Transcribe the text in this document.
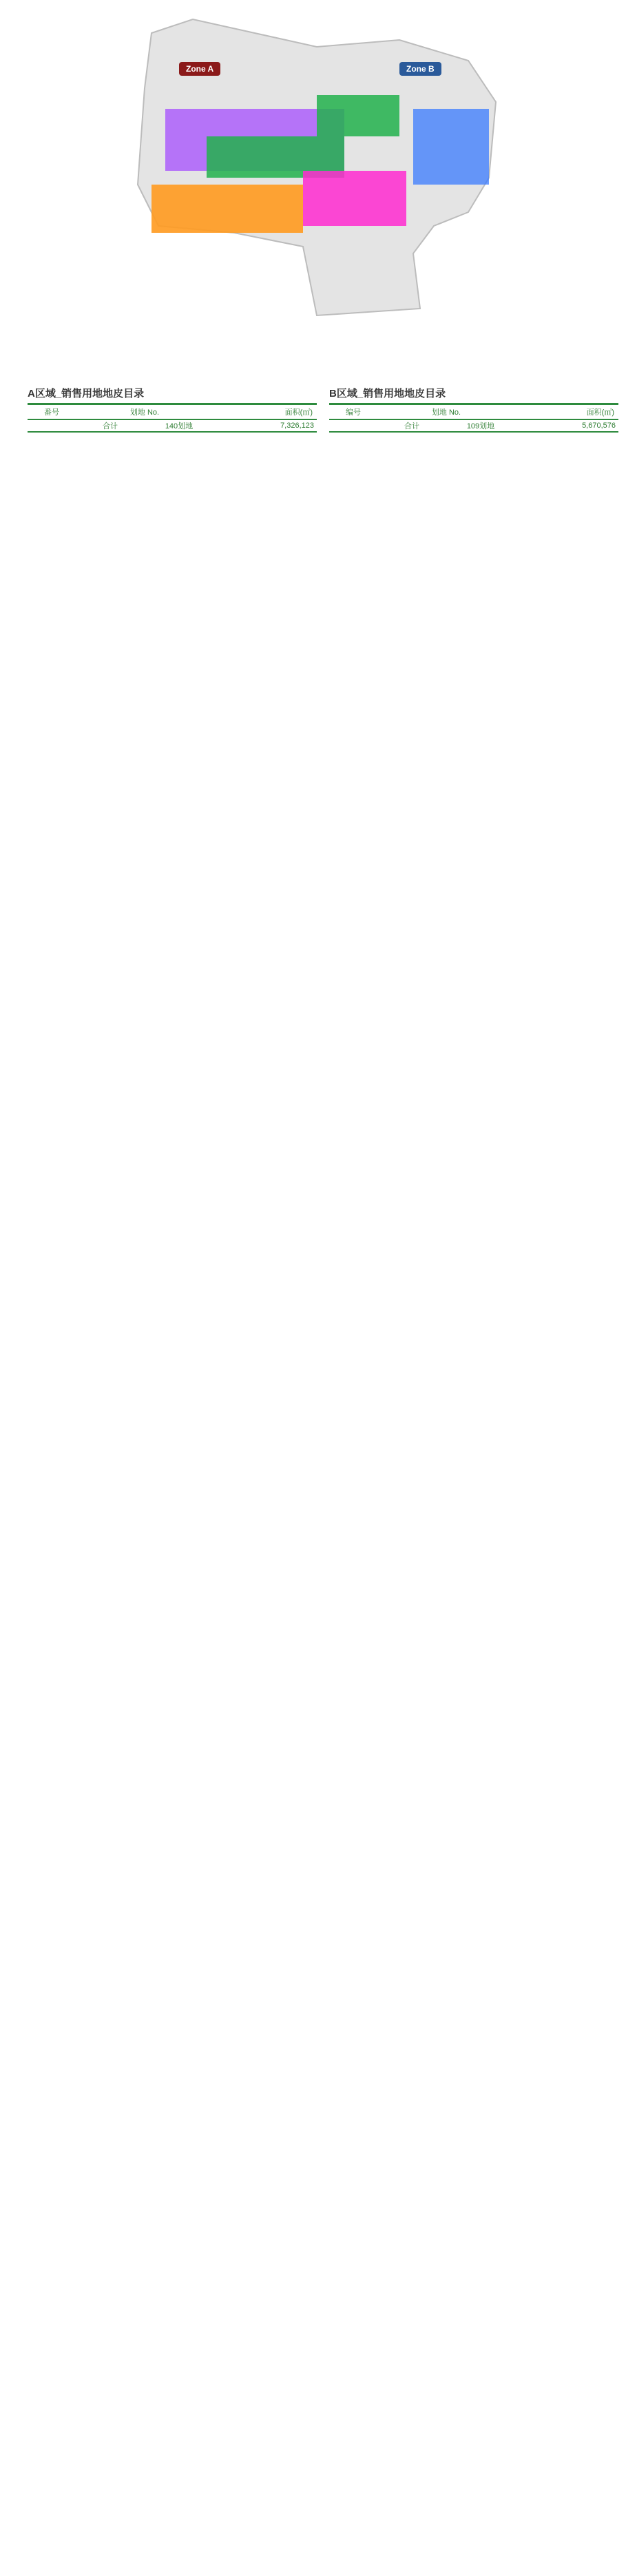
Zone A	Zone B
A区域_销售用地地皮目录
番号	划地 No.		面积(㎡)
	合计	140划地	7,326,123
B区域_销售用地地皮目录
编号	划地 No.		面积(㎡)
	合计	109划地	5,670,576
